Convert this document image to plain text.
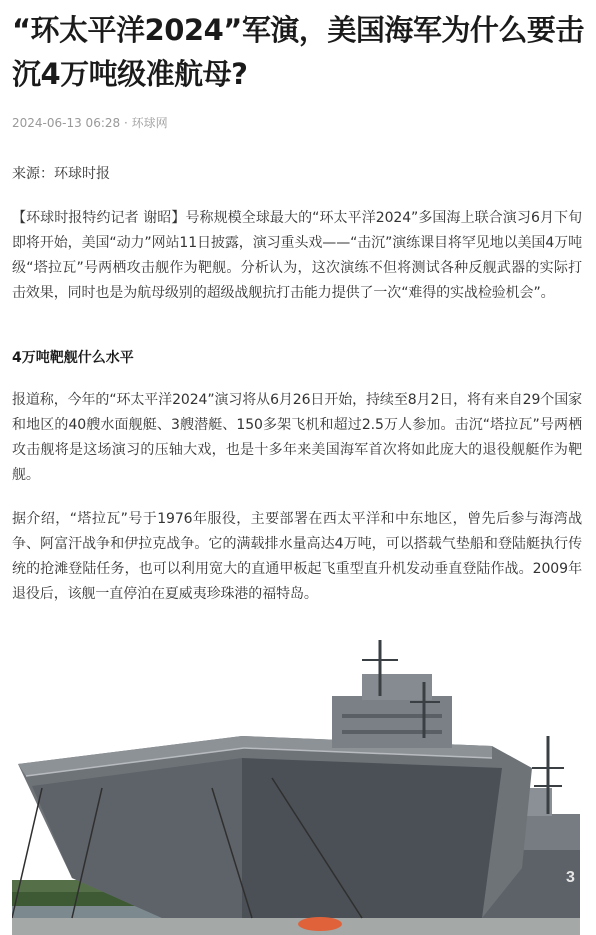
“环太平洋2024”军演，美国海军为什么要击沉4万吨级准航母?
2024-06-13 06:28 · 环球网
来源：环球时报
【环球时报特约记者 谢昭】号称规模全球最大的“环太平洋2024”多国海上联合演习6月下旬即将开始，美国“动力”网站11日披露，演习重头戏——“击沉”演练课目将罕见地以美国4万吨级“塔拉瓦”号两栖攻击舰作为靶舰。分析认为，这次演练不但将测试各种反舰武器的实际打击效果，同时也是为航母级别的超级战舰抗打击能力提供了一次“难得的实战检验机会”。
4万吨靶舰什么水平
报道称，今年的“环太平洋2024”演习将从6月26日开始，持续至8月2日，将有来自29个国家和地区的40艘水面舰艇、3艘潜艇、150多架飞机和超过2.5万人参加。击沉“塔拉瓦”号两栖攻击舰将是这场演习的压轴大戏，也是十多年来美国海军首次将如此庞大的退役舰艇作为靶舰。
据介绍，“塔拉瓦”号于1976年服役，主要部署在西太平洋和中东地区，曾先后参与海湾战争、阿富汗战争和伊拉克战争。它的满载排水量高达4万吨，可以搭载气垫船和登陆艇执行传统的抢滩登陆任务，也可以利用宽大的直通甲板起飞重型直升机发动垂直登陆作战。2009年退役后，该舰一直停泊在夏威夷珍珠港的福特岛。
3
